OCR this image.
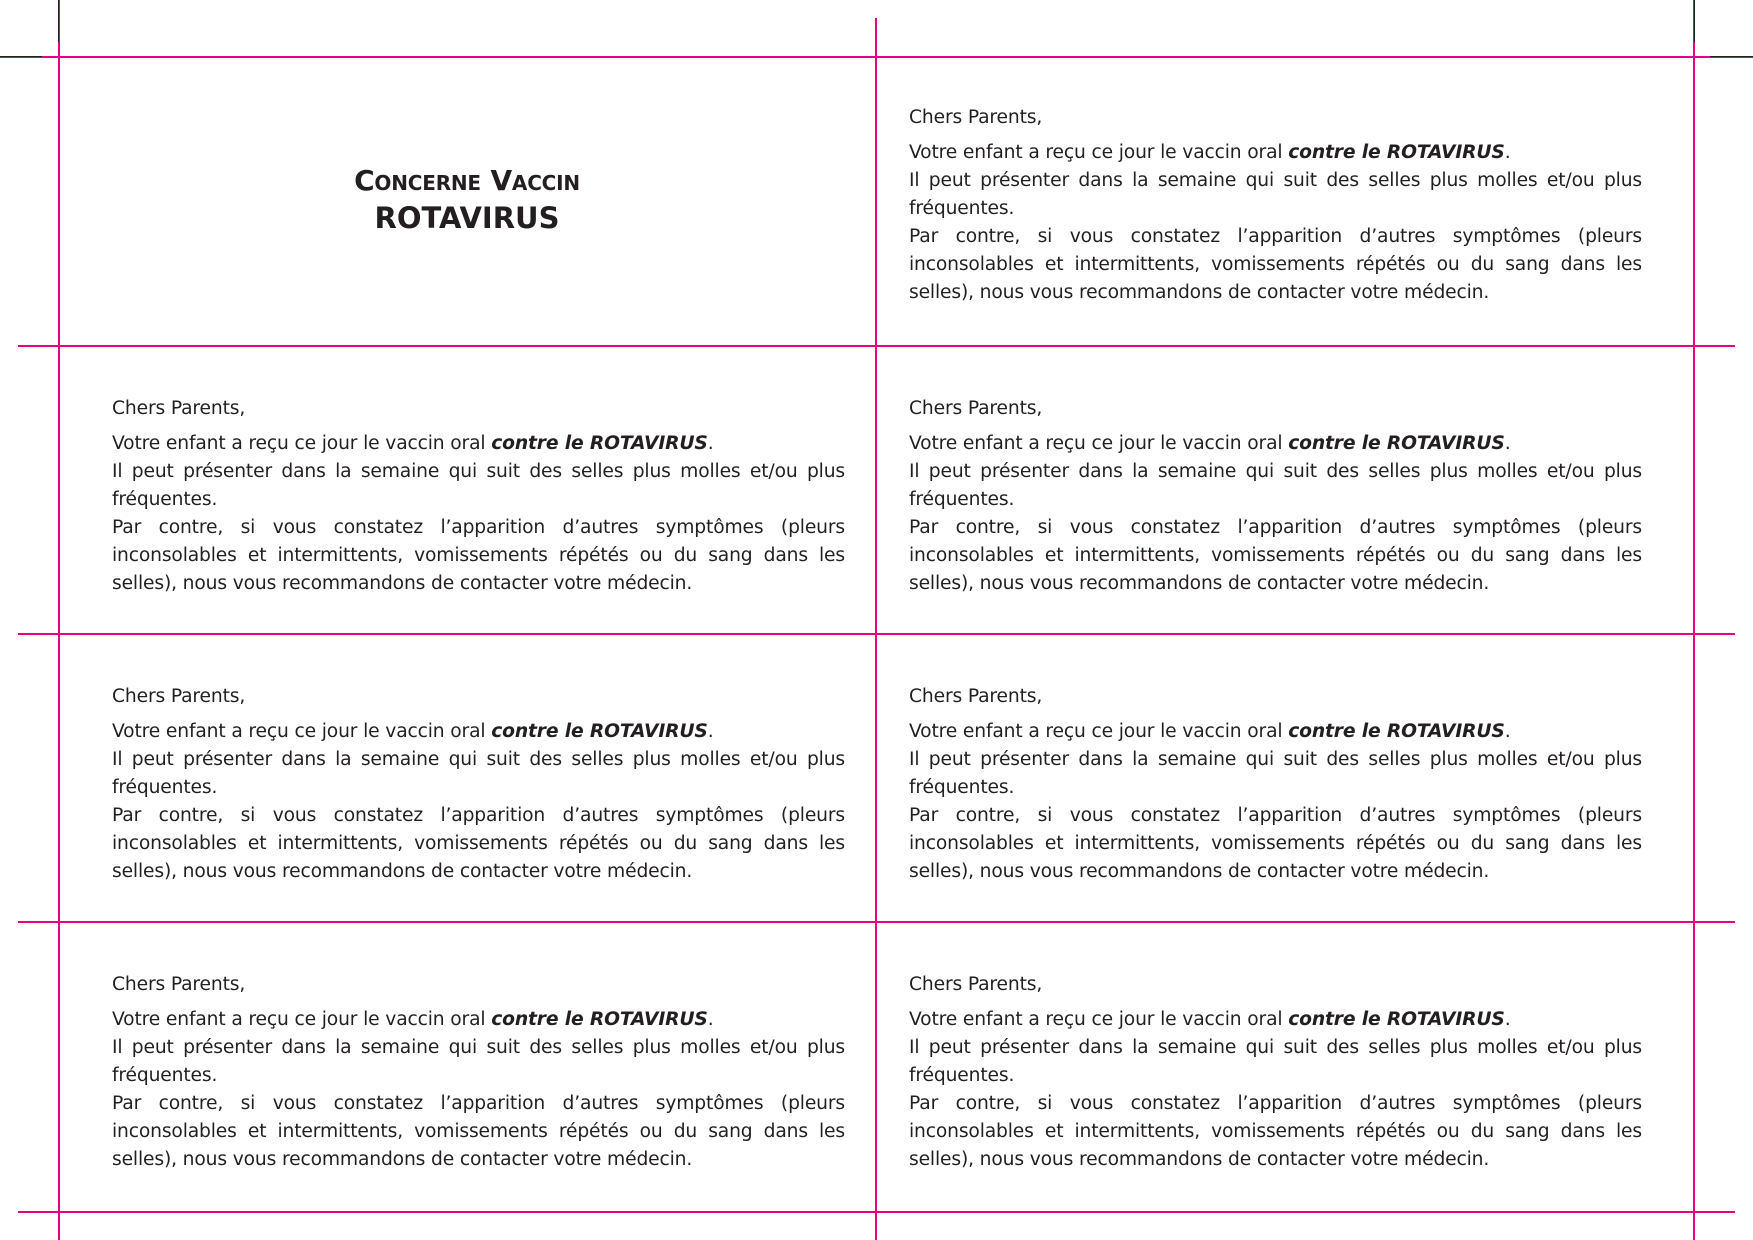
Concerne Vaccin
ROTAVIRUS

Chers Parents,

Votre enfant a reçu ce jour le vaccin oral contre le ROTAVIRUS.
Il peut présenter dans la semaine qui suit des selles plus molles et/ou plus fréquentes.
Par contre, si vous constatez l’apparition d’autres symptômes (pleurs inconsolables et intermittents, vomissements répétés ou du sang dans les selles), nous vous recommandons de contacter votre médecin.

Chers Parents,

Votre enfant a reçu ce jour le vaccin oral contre le ROTAVIRUS.
Il peut présenter dans la semaine qui suit des selles plus molles et/ou plus fréquentes.
Par contre, si vous constatez l’apparition d’autres symptômes (pleurs inconsolables et intermittents, vomissements répétés ou du sang dans les selles), nous vous recommandons de contacter votre médecin.

Chers Parents,

Votre enfant a reçu ce jour le vaccin oral contre le ROTAVIRUS.
Il peut présenter dans la semaine qui suit des selles plus molles et/ou plus fréquentes.
Par contre, si vous constatez l’apparition d’autres symptômes (pleurs inconsolables et intermittents, vomissements répétés ou du sang dans les selles), nous vous recommandons de contacter votre médecin.

Chers Parents,

Votre enfant a reçu ce jour le vaccin oral contre le ROTAVIRUS.
Il peut présenter dans la semaine qui suit des selles plus molles et/ou plus fréquentes.
Par contre, si vous constatez l’apparition d’autres symptômes (pleurs inconsolables et intermittents, vomissements répétés ou du sang dans les selles), nous vous recommandons de contacter votre médecin.

Chers Parents,

Votre enfant a reçu ce jour le vaccin oral contre le ROTAVIRUS.
Il peut présenter dans la semaine qui suit des selles plus molles et/ou plus fréquentes.
Par contre, si vous constatez l’apparition d’autres symptômes (pleurs inconsolables et intermittents, vomissements répétés ou du sang dans les selles), nous vous recommandons de contacter votre médecin.

Chers Parents,

Votre enfant a reçu ce jour le vaccin oral contre le ROTAVIRUS.
Il peut présenter dans la semaine qui suit des selles plus molles et/ou plus fréquentes.
Par contre, si vous constatez l’apparition d’autres symptômes (pleurs inconsolables et intermittents, vomissements répétés ou du sang dans les selles), nous vous recommandons de contacter votre médecin.

Chers Parents,

Votre enfant a reçu ce jour le vaccin oral contre le ROTAVIRUS.
Il peut présenter dans la semaine qui suit des selles plus molles et/ou plus fréquentes.
Par contre, si vous constatez l’apparition d’autres symptômes (pleurs inconsolables et intermittents, vomissements répétés ou du sang dans les selles), nous vous recommandons de contacter votre médecin.
